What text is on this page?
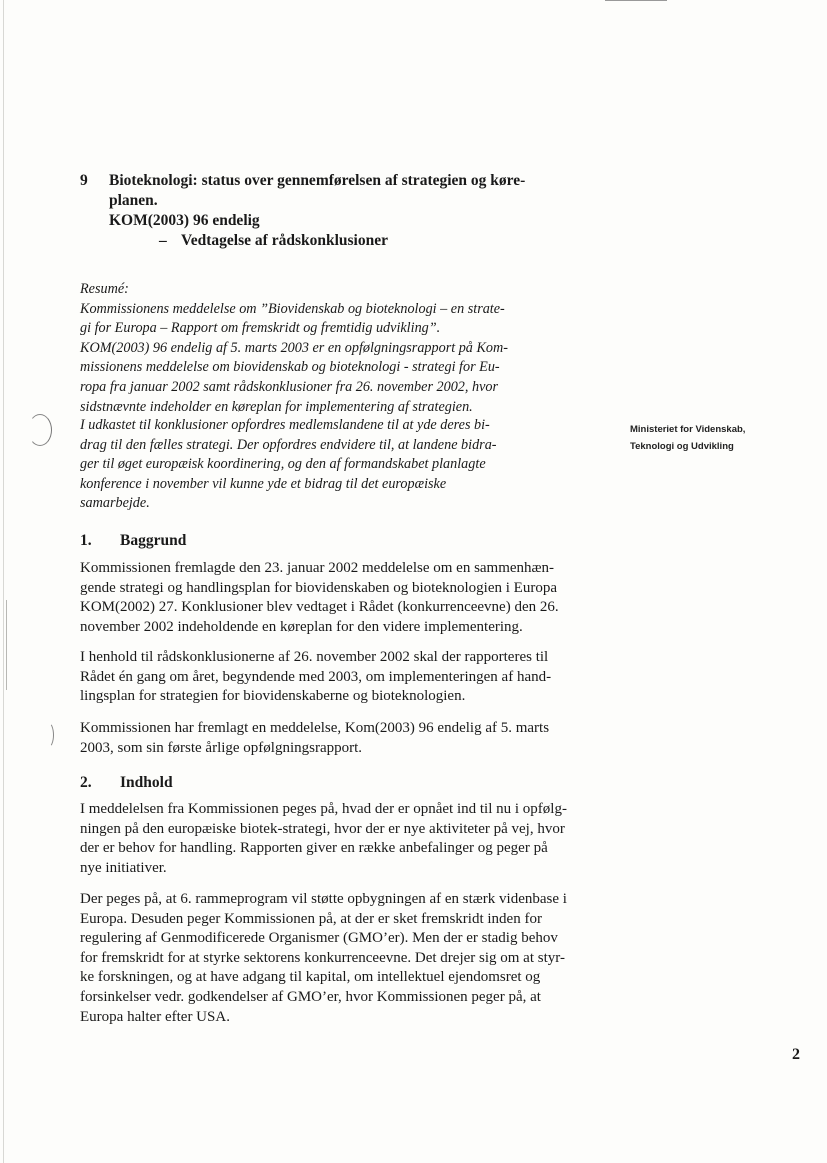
9 Bioteknologi: status over gennemførelsen af strategien og køre-
planen.
KOM(2003) 96 endelig
– Vedtagelse af rådskonklusioner
Resumé:
Kommissionens meddelelse om ”Biovidenskab og bioteknologi – en strate-
gi for Europa – Rapport om fremskridt og fremtidig udvikling”.
KOM(2003) 96 endelig af 5. marts 2003 er en opfølgningsrapport på Kom-
missionens meddelelse om biovidenskab og bioteknologi - strategi for Eu-
ropa fra januar 2002 samt rådskonklusioner fra 26. november 2002, hvor
sidstnævnte indeholder en køreplan for implementering af strategien.
I udkastet til konklusioner opfordres medlemslandene til at yde deres bi-
drag til den fælles strategi. Der opfordres endvidere til, at landene bidra-
ger til øget europæisk koordinering, og den af formandskabet planlagte
konference i november vil kunne yde et bidrag til det europæiske
samarbejde.
Ministeriet for Videnskab,
Teknologi og Udvikling
1. Baggrund
Kommissionen fremlagde den 23. januar 2002 meddelelse om en sammenhæn-
gende strategi og handlingsplan for biovidenskaben og bioteknologien i Europa
KOM(2002) 27. Konklusioner blev vedtaget i Rådet (konkurrenceevne) den 26.
november 2002 indeholdende en køreplan for den videre implementering.
I henhold til rådskonklusionerne af 26. november 2002 skal der rapporteres til
Rådet én gang om året, begyndende med 2003, om implementeringen af hand-
lingsplan for strategien for biovidenskaberne og bioteknologien.
Kommissionen har fremlagt en meddelelse, Kom(2003) 96 endelig af 5. marts
2003, som sin første årlige opfølgningsrapport.
2. Indhold
I meddelelsen fra Kommissionen peges på, hvad der er opnået ind til nu i opfølg-
ningen på den europæiske biotek-strategi, hvor der er nye aktiviteter på vej, hvor
der er behov for handling. Rapporten giver en række anbefalinger og peger på
nye initiativer.
Der peges på, at 6. rammeprogram vil støtte opbygningen af en stærk videnbase i
Europa. Desuden peger Kommissionen på, at der er sket fremskridt inden for
regulering af Genmodificerede Organismer (GMO’er). Men der er stadig behov
for fremskridt for at styrke sektorens konkurrenceevne. Det drejer sig om at styr-
ke forskningen, og at have adgang til kapital, om intellektuel ejendomsret og
forsinkelser vedr. godkendelser af GMO’er, hvor Kommissionen peger på, at
Europa halter efter USA.
2
